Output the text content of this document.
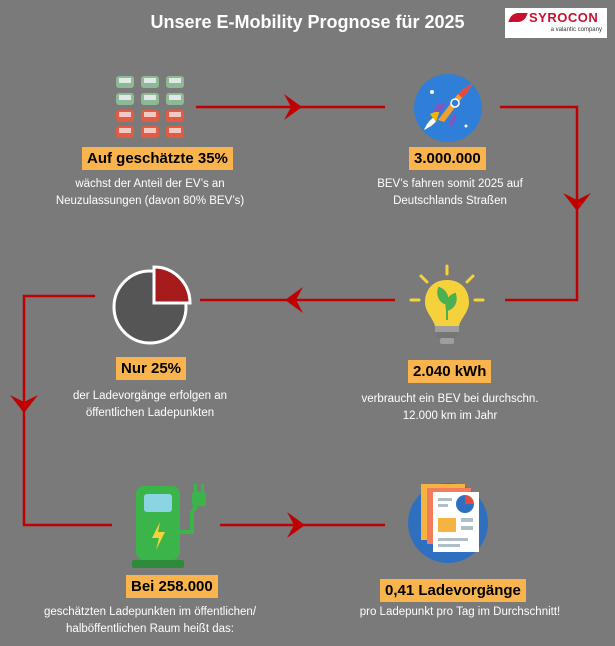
Unsere E-Mobility Prognose für 2025	SYROCON
a valantic company
Auf geschätzte 35%
wächst der Anteil der EV’s an
Neuzulassungen (davon 80% BEV’s)
3.000.000
BEV’s fahren somit 2025 auf
Deutschlands Straßen
2.040 kWh
verbraucht ein BEV bei durchschn.
12.000 km im Jahr
Nur 25%
der Ladevorgänge erfolgen an
öffentlichen Ladepunkten
Bei 258.000
geschätzten Ladepunkten im öffentlichen/
halböffentlichen Raum heißt das:
0,41 Ladevorgänge
pro Ladepunkt pro Tag im Durchschnitt!
